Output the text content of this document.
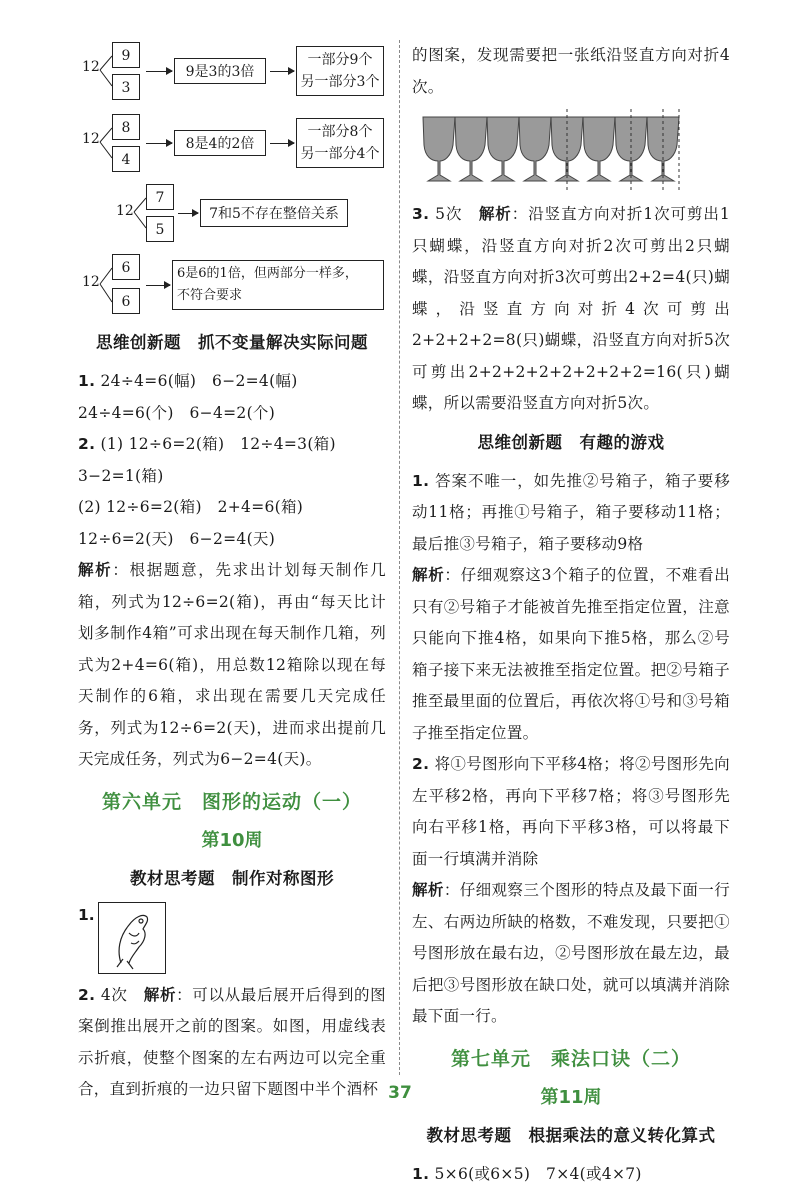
12
9
3
9是3的3倍
一部分9个
另一部分3个
12
8
4
8是4的2倍
一部分8个
另一部分4个
12
7
5
7和5不存在整倍关系
12
6
6
6是6的1倍，但两部分一样多，
不符合要求
思维创新题　抓不变量解决实际问题

1. 24÷4=6(幅)　6−2=4(幅)

24÷4=6(个)　6−4=2(个)

2. (1) 12÷6=2(箱)　12÷4=3(箱)

3−2=1(箱)

(2) 12÷6=2(箱)　2+4=6(箱)

12÷6=2(天)　6−2=4(天)

解析：根据题意，先求出计划每天制作几箱，列式为12÷6=2(箱)，再由“每天比计划多制作4箱”可求出现在每天制作几箱，列式为2+4=6(箱)，用总数12箱除以现在每天制作的6箱，求出现在需要几天完成任务，列式为12÷6=2(天)，进而求出提前几天完成任务，列式为6−2=4(天)。

第六单元　图形的运动（一）
第10周
教材思考题　制作对称图形
1.

2. 4次　 解析：可以从最后展开后得到的图案倒推出展开之前的图案。如图，用虚线表示折痕，使整个图案的左右两边可以完全重合，直到折痕的一边只留下题图中半个酒杯

的图案，发现需要把一张纸沿竖直方向对折4次。

3. 5次　 解析：沿竖直方向对折1次可剪出1只蝴蝶，沿竖直方向对折2次可剪出2只蝴蝶，沿竖直方向对折3次可剪出2+2=4(只)蝴蝶，沿竖直方向对折4次可剪出2+2+2+2=8(只)蝴蝶，沿竖直方向对折5次可剪出2+2+2+2+2+2+2+2=16(只)蝴蝶，所以需要沿竖直方向对折5次。

思维创新题　有趣的游戏

1. 答案不唯一，如先推②号箱子，箱子要移动11格；再推①号箱子，箱子要移动11格；最后推③号箱子，箱子要移动9格

解析：仔细观察这3个箱子的位置，不难看出只有②号箱子才能被首先推至指定位置，注意只能向下推4格，如果向下推5格，那么②号箱子接下来无法被推至指定位置。把②号箱子推至最里面的位置后，再依次将①号和③号箱子推至指定位置。

2. 将①号图形向下平移4格；将②号图形先向左平移2格，再向下平移7格；将③号图形先向右平移1格，再向下平移3格，可以将最下面一行填满并消除

解析：仔细观察三个图形的特点及最下面一行左、右两边所缺的格数，不难发现，只要把①号图形放在最右边，②号图形放在最左边，最后把③号图形放在缺口处，就可以填满并消除最下面一行。

第七单元　乘法口诀（二）
第11周
教材思考题　根据乘法的意义转化算式

1. 5×6(或6×5)　7×4(或4×7)

37
